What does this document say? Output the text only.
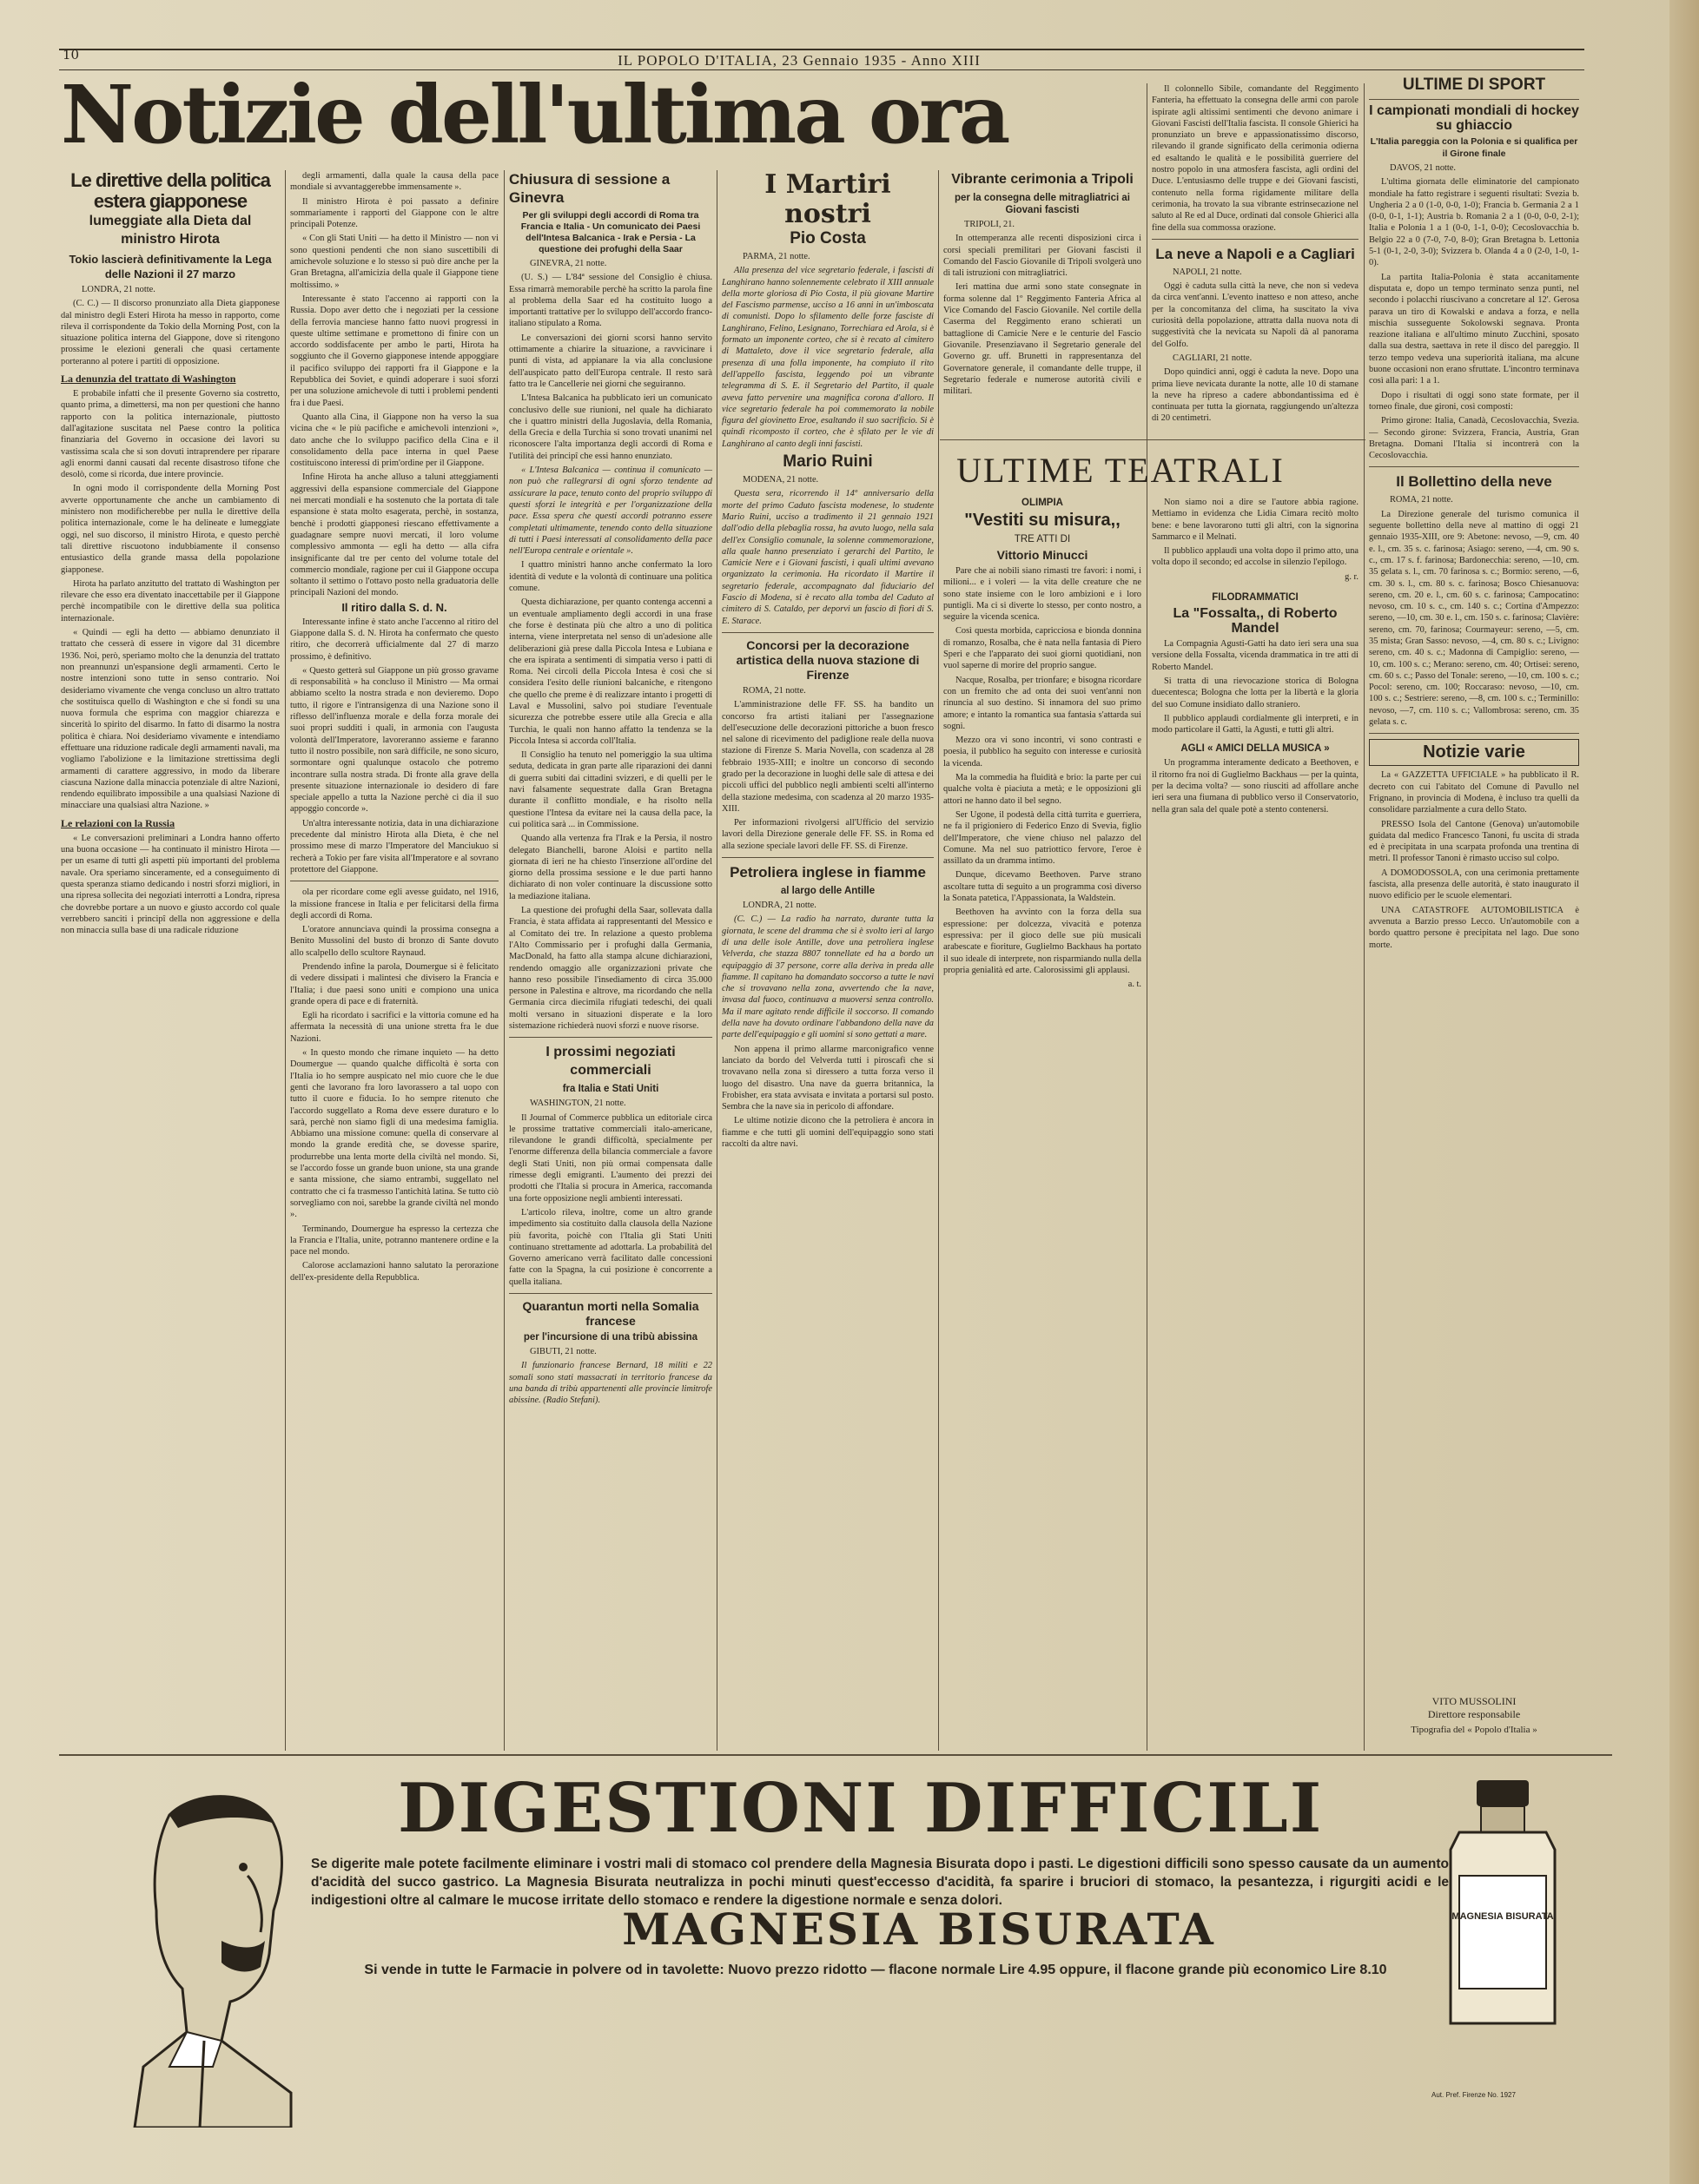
10	IL POPOLO D'ITALIA, 23 Gennaio 1935 - Anno XIII
Notizie dell'ultima ora
Le direttive della politica estera giapponese
lumeggiate alla Dieta dal ministro Hirota
Tokio lascierà definitivamente la Lega delle Nazioni il 27 marzo

LONDRA, 21 notte.

(C. C.) — Il discorso pronunziato alla Dieta giapponese dal ministro degli Esteri Hirota ha messo in rapporto, come rileva il corrispondente da Tokio della Morning Post, con la situazione politica interna del Giappone, dove si ritengono prossime le elezioni generali che quasi certamente porteranno al potere i partiti di opposizione.

La denunzia del trattato di Washington

E probabile infatti che il presente Governo sia costretto, quanto prima, a dimettersi, ma non per questioni che hanno rapporto con la politica internazionale, piuttosto dall'agitazione suscitata nel Paese contro la politica finanziaria del Governo in occasione dei lavori su vastissima scala che si son dovuti intraprendere per riparare agli enormi danni causati dal recente disastroso tifone che desolò, come si ricorda, due intere provincie.

In ogni modo il corrispondente della Morning Post avverte opportunamente che anche un cambiamento di ministero non modificherebbe per nulla le direttive della politica internazionale, come le ha delineate e lumeggiate oggi, nel suo discorso, il ministro Hirota, e questo perchè tali direttive riscuotono indubbiamente il consenso entusiastico della grande massa della popolazione giapponese.

Hirota ha parlato anzitutto del trattato di Washington per rilevare che esso era diventato inaccettabile per il Giappone perchè incompatibile con le direttive della sua politica internazionale.

« Quindi — egli ha detto — abbiamo denunziato il trattato che cesserà di essere in vigore dal 31 dicembre 1936. Noi, però, speriamo molto che la denunzia del trattato non preannunzi un'espansione degli armamenti. Certo le nostre intenzioni sono tutte in senso contrario. Noi desideriamo vivamente che venga concluso un altro trattato che sostituisca quello di Washington e che si fondi su una nuova formula che esprima con maggior chiarezza e sincerità lo spirito del disarmo. In fatto di disarmo la nostra politica è chiara. Noi desideriamo vivamente e intendiamo effettuare una riduzione radicale degli armamenti navali, ma vogliamo l'abolizione e la limitazione strettissima degli armamenti di carattere aggressivo, in modo da liberare ciascuna Nazione dalla minaccia potenziale di altre Nazioni, rendendo equilibrato impossibile a una qualsiasi Nazione di minacciare una qualsiasi altra Nazione. »

Le relazioni con la Russia

« Le conversazioni preliminari a Londra hanno offerto una buona occasione — ha continuato il ministro Hirota — per un esame di tutti gli aspetti più importanti del problema navale. Ora speriamo sinceramente, ed a conseguimento di questa speranza stiamo dedicando i nostri sforzi migliori, in una ripresa sollecita dei negoziati interrotti a Londra, ripresa che dovrebbe portare a un nuovo e giusto accordo col quale verrebbero sanciti i principî della non aggressione e della non minaccia sulla base di una radicale riduzione

degli armamenti, dalla quale la causa della pace mondiale si avvantaggerebbe immensamente ».

Il ministro Hirota è poi passato a definire sommariamente i rapporti del Giappone con le altre principali Potenze.

« Con gli Stati Uniti — ha detto il Ministro — non vi sono questioni pendenti che non siano suscettibili di amichevole soluzione e lo stesso si può dire anche per la Gran Bretagna, all'amicizia della quale il Giappone tiene moltissimo. »

Interessante è stato l'accenno ai rapporti con la Russia. Dopo aver detto che i negoziati per la cessione della ferrovia manciese hanno fatto nuovi progressi in queste ultime settimane e promettono di finire con un accordo soddisfacente per ambo le parti, Hirota ha soggiunto che il Governo giapponese intende appoggiare il pacifico sviluppo dei rapporti fra il Giappone e la Repubblica dei Soviet, e quindi adoperare i suoi sforzi per una soluzione amichevole di tutti i problemi pendenti fra i due Paesi.

Quanto alla Cina, il Giappone non ha verso la sua vicina che « le più pacifiche e amichevoli intenzioni », dato anche che lo sviluppo pacifico della Cina e il consolidamento della pace interna in quel Paese costituiscono interessi di prim'ordine per il Giappone.

Infine Hirota ha anche alluso a taluni atteggiamenti aggressivi della espansione commerciale del Giappone nei mercati mondiali e ha sostenuto che la portata di tale espansione è stata molto esagerata, perchè, in sostanza, benchè i prodotti giapponesi riescano effettivamente a guadagnare sempre nuovi mercati, il loro volume complessivo ammonta — egli ha detto — alla cifra insignificante dal tre per cento del volume totale del commercio mondiale, ragione per cui il Giappone occupa soltanto il settimo o l'ottavo posto nella graduatoria delle principali Nazioni del mondo.

Il ritiro dalla S. d. N.

Interessante infine è stato anche l'accenno al ritiro del Giappone dalla S. d. N. Hirota ha confermato che questo ritiro, che decorrerà ufficialmente dal 27 di marzo prossimo, è definitivo.

« Questo getterà sul Giappone un più grosso gravame di responsabilità » ha concluso il Ministro — Ma ormai abbiamo scelto la nostra strada e non devieremo. Dopo tutto, il rigore e l'intransigenza di una Nazione sono il riflesso dell'influenza morale e della forza morale dei suoi propri sudditi i quali, in armonia con l'augusta volontà dell'Imperatore, lavoreranno assieme e faranno tutto il nostro possibile, non sarà difficile, ne sono sicuro, sormontare ogni qualunque ostacolo che potremo incontrare sulla nostra strada. Di fronte alla grave della presente situazione internazionale io desidero di fare speciale appello a tutta la Nazione perchè ci dia il suo appoggio concorde ».

Un'altra interessante notizia, data in una dichiarazione precedente dal ministro Hirota alla Dieta, è che nel prossimo mese di marzo l'Imperatore del Manciukuo si recherà a Tokio per fare visita all'Imperatore e al sovrano protettore del Giappone.

ola per ricordare come egli avesse guidato, nel 1916, la missione francese in Italia e per felicitarsi della firma degli accordi di Roma.

L'oratore annunciava quindi la prossima consegna a Benito Mussolini del busto di bronzo di Sante dovuto allo scalpello dello scultore Raynaud.

Prendendo infine la parola, Doumergue si è felicitato di vedere dissipati i malintesi che divisero la Francia e l'Italia; i due paesi sono uniti e compiono una unica grande opera di pace e di fraternità.

Egli ha ricordato i sacrifici e la vittoria comune ed ha affermata la necessità di una unione stretta fra le due Nazioni.

« In questo mondo che rimane inquieto — ha detto Doumergue — quando qualche difficoltà è sorta con l'Italia io ho sempre auspicato nel mio cuore che le due genti che lavorano fra loro lavorassero a tal uopo con tutto il cuore e fiducia. Io ho sempre ritenuto che l'accordo suggellato a Roma deve essere duraturo e lo sarà, perchè non siamo figli di una medesima famiglia. Abbiamo una missione comune: quella di conservare al mondo la grande eredità che, se dovesse sparire, produrrebbe una lenta morte della civiltà nel mondo. Si, se l'accordo fosse un grande buon unione, sta una grande e santa missione, che siamo entrambi, suggellato nel contratto che ci fa trasmesso l'antichità latina. Se tutto ciò sorvegliamo con noi, sarebbe la grande civiltà nel mondo ».

Terminando, Doumergue ha espresso la certezza che la Francia e l'Italia, unite, potranno mantenere ordine e la pace nel mondo.

Calorose acclamazioni hanno salutato la perorazione dell'ex-presidente della Repubblica.

Chiusura di sessione a Ginevra
Per gli sviluppi degli accordi di Roma tra Francia e Italia - Un comunicato dei Paesi dell'Intesa Balcanica - Irak e Persia - La questione dei profughi della Saar

GINEVRA, 21 notte.

(U. S.) — L'84ª sessione del Consiglio è chiusa. Essa rimarrà memorabile perchè ha scritto la parola fine al problema della Saar ed ha costituito luogo a importanti trattative per lo sviluppo dell'accordo franco-italiano stipulato a Roma.

Le conversazioni dei giorni scorsi hanno servito ottimamente a chiarire la situazione, a ravvicinare i punti di vista, ad appianare la via alla conclusione dell'auspicato patto dell'Europa centrale. Il resto sarà fatto tra le Cancellerie nei giorni che seguiranno.

L'Intesa Balcanica ha pubblicato ieri un comunicato conclusivo delle sue riunioni, nel quale ha dichiarato che i quattro ministri della Jugoslavia, della Romania, della Grecia e della Turchia si sono trovati unanimi nel riconoscere l'alta importanza degli accordi di Roma e l'utilità dei principî che essi hanno enunziato.

« L'Intesa Balcanica — continua il comunicato — non può che rallegrarsi di ogni sforzo tendente ad assicurare la pace, tenuto conto del proprio sviluppo di questi sforzi le integrità e per l'organizzazione della pace. Essa spera che questi accordi potranno essere completati ultimamente, tenendo conto della situazione di tutti i Paesi interessati al consolidamento della pace nell'Europa centrale e orientale ».

I quattro ministri hanno anche confermato la loro identità di vedute e la volontà di continuare una politica comune.

Questa dichiarazione, per quanto contenga accenni a un eventuale ampliamento degli accordi in una frase che forse è destinata più che altro a uno di politica interna, viene interpretata nel senso di un'adesione alle deliberazioni già prese dalla Piccola Intesa e Lubiana e che era ispirata a sentimenti di simpatia verso i patti di Roma. Nei circoli della Piccola Intesa è così che si considera l'esito delle riunioni balcaniche, e ritengono che quello che preme è di realizzare intanto i progetti di Laval e Mussolini, salvo poi studiare l'eventuale sicurezza che potrebbe essere utile alla Grecia e alla Turchia, le quali non hanno affatto la tendenza se la Piccola Intesa si accorda coll'Italia.

Il Consiglio ha tenuto nel pomeriggio la sua ultima seduta, dedicata in gran parte alle riparazioni dei danni di guerra subiti dai cittadini svizzeri, e di quelli per le navi falsamente sequestrate dalla Gran Bretagna durante il conflitto mondiale, e ha risolto nella questione l'Intesa da evitare nei la causa della pace, la cui politica sarà ... in Commissione.

Quando alla vertenza fra l'Irak e la Persia, il nostro delegato Bianchelli, barone Aloisi e partito nella giornata di ieri ne ha chiesto l'inserzione all'ordine del giorno della prossima sessione e le due parti hanno dichiarato di non voler continuare la discussione sotto la mediazione italiana.

La questione dei profughi della Saar, sollevata dalla Francia, è stata affidata ai rappresentanti del Messico e al Comitato dei tre. In relazione a questo problema l'Alto Commissario per i profughi dalla Germania, MacDonald, ha fatto alla stampa alcune dichiarazioni, rendendo omaggio alle organizzazioni private che hanno reso possibile l'insediamento di circa 35.000 persone in Palestina e altrove, ma ricordando che nella Germania circa diecimila rifugiati tedeschi, dei quali molti versano in situazioni disperate e la loro sistemazione richiederà nuovi sforzi e nuove risorse.

I prossimi negoziati commerciali
fra Italia e Stati Uniti

WASHINGTON, 21 notte.

Il Journal of Commerce pubblica un editoriale circa le prossime trattative commerciali italo-americane, rilevandone le grandi difficoltà, specialmente per l'enorme differenza della bilancia commerciale a favore degli Stati Uniti, non più ormai compensata dalle rimesse degli emigranti. L'aumento dei prezzi dei prodotti che l'Italia si procura in America, raccomanda una forte opposizione negli ambienti interessati.

L'articolo rileva, inoltre, come un altro grande impedimento sia costituito dalla clausola della Nazione più favorita, poichè con l'Italia gli Stati Uniti continuano strettamente ad adottarla. La probabilità del Governo americano verrà facilitato dalle concessioni fatte con la Spagna, la cui posizione è concorrente a quella italiana.

Quarantun morti nella Somalia francese
per l'incursione di una tribù abissina

GIBUTI, 21 notte.

Il funzionario francese Bernard, 18 militi e 22 somali sono stati massacrati in territorio francese da una banda di tribù appartenenti alle provincie limitrofe abissine. (Radio Stefani).

I Martiri nostri
Pio Costa

PARMA, 21 notte.

Alla presenza del vice segretario federale, i fascisti di Langhirano hanno solennemente celebrato il XIII annuale della morte gloriosa di Pio Costa, il più giovane Martire del Fascismo parmense, ucciso a 16 anni in un'imboscata di comunisti. Dopo lo sfilamento delle forze fasciste di Langhirano, Felino, Lesignano, Torrechiara ed Arola, si è formato un imponente corteo, che si è recato al cimitero di Mattaleto, dove il vice segretario federale, alla presenza di una folla imponente, ha compiuto il rito dell'appello fascista, leggendo poi un vibrante telegramma di S. E. il Segretario del Partito, il quale aveva fatto pervenire una magnifica corona d'alloro. Il vice segretario federale ha poi commemorato la nobile figura del giovinetto Eroe, esaltando il suo sacrificio. Si è quindi ricomposto il corteo, che è sfilato per le vie di Langhirano al canto degli inni fascisti.

Mario Ruini

MODENA, 21 notte.

Questa sera, ricorrendo il 14º anniversario della morte del primo Caduto fascista modenese, lo studente Mario Ruini, ucciso a tradimento il 21 gennaio 1921 dall'odio della plebaglia rossa, ha avuto luogo, nella sala dell'ex Consiglio comunale, la solenne commemorazione, alla quale hanno presenziato i gerarchi del Partito, le Camicie Nere e i Giovani fascisti, i quali ultimi avevano organizzato la cerimonia. Ha ricordato il Martire il segretario federale, accompagnato dal fiduciario del Fascio di Modena, si è recato alla tomba del Caduto al cimitero di S. Cataldo, per deporvi un fascio di fiori di S. E. Starace.

Concorsi per la decorazione artistica della nuova stazione di Firenze

ROMA, 21 notte.

L'amministrazione delle FF. SS. ha bandito un concorso fra artisti italiani per l'assegnazione dell'esecuzione delle decorazioni pittoriche a buon fresco nel salone di ricevimento del padiglione reale della nuova stazione di Firenze S. Maria Novella, con scadenza al 28 febbraio 1935-XIII; e inoltre un concorso di secondo grado per la decorazione in luoghi delle sale di attesa e dei piccoli uffici del pubblico negli ambienti scelti all'interno della stazione medesima, con scadenza al 20 marzo 1935-XIII.

Per informazioni rivolgersi all'Ufficio del servizio lavori della Direzione generale delle FF. SS. in Roma ed alla sezione speciale lavori delle FF. SS. di Firenze.

Petroliera inglese in fiamme
al largo delle Antille

LONDRA, 21 notte.

(C. C.) — La radio ha narrato, durante tutta la giornata, le scene del dramma che si è svolto ieri al largo di una delle isole Antille, dove una petroliera inglese Velverda, che stazza 8807 tonnellate ed ha a bordo un equipaggio di 37 persone, corre alla deriva in preda alle fiamme. Il capitano ha domandato soccorso a tutte le navi che si trovavano nella zona, avvertendo che la nave, invasa dal fuoco, continuava a muoversi senza controllo. Ma il mare agitato rende difficile il soccorso. Il comando della nave ha dovuto ordinare l'abbandono della nave da parte dell'equipaggio e gli uomini si sono gettati a mare.

Non appena il primo allarme marconigrafico venne lanciato da bordo del Velverda tutti i piroscafi che si trovavano nella zona si diressero a tutta forza verso il luogo del disastro. Una nave da guerra britannica, la Frobisher, era stata avvisata e invitata a portarsi sul posto. Sembra che la nave sia in pericolo di affondare.

Le ultime notizie dicono che la petroliera è ancora in fiamme e che tutti gli uomini dell'equipaggio sono stati raccolti da altre navi.

Vibrante cerimonia a Tripoli
per la consegna delle mitragliatrici ai Giovani fascisti

TRIPOLI, 21.

In ottemperanza alle recenti disposizioni circa i corsi speciali premilitari per Giovani fascisti il Comando del Fascio Giovanile di Tripoli svolgerà uno di tali istruzioni con mitragliatrici.

Ieri mattina due armi sono state consegnate in forma solenne dal 1º Reggimento Fanteria Africa al Vice Comando del Fascio Giovanile. Nel cortile della Caserma del Reggimento erano schierati un battaglione di Camicie Nere e le centurie del Fascio Giovanile. Presenziavano il Segretario generale del Governo gr. uff. Brunetti in rappresentanza del Governatore generale, il comandante delle truppe, il Segretario federale e numerose autorità civili e militari.

Il colonnello Sibile, comandante del Reggimento Fanteria, ha effettuato la consegna delle armi con parole ispirate agli altissimi sentimenti che devono animare i Giovani Fascisti dell'Italia fascista. Il console Ghierici ha pronunziato un breve e appassionatissimo discorso, rilevando il grande significato della cerimonia odierna ed esaltando le qualità e le possibilità guerriere del nostro popolo in una atmosfera fascista, agli ordini del Duce. L'entusiasmo delle truppe e dei Giovani fascisti, contenuto nella forma rigidamente militare della cerimonia, ha trovato la sua vibrante estrinsecazione nel saluto al Re ed al Duce, ordinati dal console Ghierici alla fine della sua commossa orazione.

La neve a Napoli e a Cagliari

NAPOLI, 21 notte.

Oggi è caduta sulla città la neve, che non si vedeva da circa vent'anni. L'evento inatteso e non atteso, anche per la concomitanza del clima, ha suscitato la viva curiosità della popolazione, attratta dalla nuova nota di suggestività che la nevicata su Napoli dà al panorama del Golfo.

CAGLIARI, 21 notte.

Dopo quindici anni, oggi è caduta la neve. Dopo una prima lieve nevicata durante la notte, alle 10 di stamane la neve ha ripreso a cadere abbondantissima ed è continuata per tutta la giornata, raggiungendo un'altezza di 20 centimetri.

ULTIME TEATRALI
OLIMPIA
"Vestiti su misura,,
TRE ATTI DI
Vittorio Minucci

Pare che ai nobili siano rimasti tre favori: i nomi, i milioni... e i voleri — la vita delle creature che ne sono state insieme con le loro ambizioni e i loro puntigli. Ma ci si diverte lo stesso, per conto nostro, a seguire la vicenda scenica.

Così questa morbida, capricciosa e bionda donnina di romanzo, Rosalba, che è nata nella fantasia di Piero Speri e che l'apparato dei suoi giorni quotidiani, non vuol saperne di morire del proprio sangue.

Nacque, Rosalba, per trionfare; e bisogna ricordare con un fremito che ad onta dei suoi vent'anni non rinuncia al suo destino. Si innamora del suo primo amore; e intanto la romantica sua fantasia s'attarda sui sogni.

Mezzo ora vi sono incontri, vi sono contrasti e poesia, il pubblico ha seguito con interesse e curiosità la vicenda.

Ma la commedia ha fluidità e brio: la parte per cui qualche volta è piaciuta a metà; e le opposizioni gli attori ne hanno dato il bel segno.

Ser Ugone, il podestà della città turrita e guerriera, ne fa il prigioniero di Federico Enzo di Svevia, figlio dell'Imperatore, che viene chiuso nel palazzo del Comune. Ma nel suo patriottico fervore, l'eroe è assillato da un dramma intimo.

Dunque, dicevamo Beethoven. Parve strano ascoltare tutta di seguito a un programma così diverso la Sonata patetica, l'Appassionata, la Waldstein.

Beethoven ha avvinto con la forza della sua espressione: per dolcezza, vivacità e potenza espressiva: per il gioco delle sue più musicali arabescate e fioriture, Guglielmo Backhaus ha portato il suo ideale di interprete, non risparmiando nulla della propria genialità ed arte. Calorosissimi gli applausi.

a. t.

Non siamo noi a dire se l'autore abbia ragione. Mettiamo in evidenza che Lidia Cimara recitò molto bene: e bene lavorarono tutti gli altri, con la signorina Sammarco e il Melnati.

Il pubblico applaudì una volta dopo il primo atto, una volta dopo il secondo; ed accolse in silenzio l'epilogo.

g. r.

FILODRAMMATICI
La "Fossalta,, di Roberto Mandel

La Compagnia Agusti-Gatti ha dato ieri sera una sua versione della Fossalta, vicenda drammatica in tre atti di Roberto Mandel.

Si tratta di una rievocazione storica di Bologna duecentesca; Bologna che lotta per la libertà e la gloria del suo Comune insidiato dallo straniero.

Il pubblico applaudì cordialmente gli interpreti, e in modo particolare il Gatti, la Agusti, e tutti gli altri.

AGLI « AMICI DELLA MUSICA »

Un programma interamente dedicato a Beethoven, e il ritorno fra noi di Guglielmo Backhaus — per la quinta, per la decima volta? — sono riusciti ad affollare anche ieri sera una fiumana di pubblico verso il Conservatorio, nella gran sala del quale potè a stento contenersi.

ULTIME DI SPORT
I campionati mondiali di hockey su ghiaccio
L'Italia pareggia con la Polonia e si qualifica per il Girone finale

DAVOS, 21 notte.

L'ultima giornata delle eliminatorie del campionato mondiale ha fatto registrare i seguenti risultati: Svezia b. Ungheria 2 a 0 (1-0, 0-0, 1-0); Francia b. Germania 2 a 1 (0-0, 0-1, 1-1); Austria b. Romania 2 a 1 (0-0, 0-0, 2-1); Italia e Polonia 1 a 1 (0-0, 1-1, 0-0); Cecoslovacchia b. Belgio 22 a 0 (7-0, 7-0, 8-0); Gran Bretagna b. Lettonia 5-1 (0-1, 2-0, 3-0); Svizzera b. Olanda 4 a 0 (2-0, 1-0, 1-0).

La partita Italia-Polonia è stata accanitamente disputata e, dopo un tempo terminato senza punti, nel secondo i polacchi riuscivano a concretare al 12'. Gerosa parava un tiro di Kowalski e andava a forza, e nella mischia susseguente Sokolowski segnava. Pronta reazione italiana e all'ultimo minuto Zucchini, sposato dalla sua destra, saettava in rete il disco del pareggio. Il terzo tempo vedeva una superiorità italiana, ma alcune buone occasioni non erano sfruttate. L'incontro terminava così alla pari: 1 a 1.

Dopo i risultati di oggi sono state formate, per il torneo finale, due gironi, così composti:

Primo girone: Italia, Canadà, Cecoslovacchia, Svezia. — Secondo girone: Svizzera, Francia, Austria, Gran Bretagna. Domani l'Italia si incontrerà con la Cecoslovacchia.

Il Bollettino della neve

ROMA, 21 notte.

La Direzione generale del turismo comunica il seguente bollettino della neve al mattino di oggi 21 gennaio 1935-XIII, ore 9: Abetone: nevoso, —9, cm. 40 e. l., cm. 35 s. c. farinosa; Asiago: sereno, —4, cm. 90 s. c., cm. 17 s. f. farinosa; Bardonecchia: sereno, —10, cm. 35 gelata s. l., cm. 70 farinosa s. c.; Bormio: sereno, —6, cm. 30 s. l., cm. 80 s. c. farinosa; Bosco Chiesanuova: sereno, cm. 20 e. l., cm. 60 s. c. farinosa; Campocatino: nevoso, cm. 10 s. c., cm. 140 s. c.; Cortina d'Ampezzo: sereno, —10, cm. 30 e. l., cm. 150 s. c. farinosa; Clavière: sereno, cm. 70, farinosa; Courmayeur: sereno, —5, cm. 35 mista; Gran Sasso: nevoso, —4, cm. 80 s. c.; Livigno: sereno, cm. 40 s. c.; Madonna di Campiglio: sereno, —10, cm. 100 s. c.; Merano: sereno, cm. 40; Ortisei: sereno, cm. 60 s. c.; Passo del Tonale: sereno, —10, cm. 100 s. c.; Pocol: sereno, cm. 100; Roccaraso: nevoso, —10, cm. 100 s. c.; Sestriere: sereno, —8, cm. 100 s. c.; Terminillo: nevoso, —7, cm. 110 s. c.; Vallombrosa: sereno, cm. 35 gelata s. c.

Notizie varie

La « GAZZETTA UFFICIALE » ha pubblicato il R. decreto con cui l'abitato del Comune di Pavullo nel Frignano, in provincia di Modena, è incluso tra quelli da consolidare parzialmente a cura dello Stato.

PRESSO Isola del Cantone (Genova) un'automobile guidata dal medico Francesco Tanoni, fu uscita di strada ed è precipitata in una scarpata profonda una trentina di metri. Il professor Tanoni è rimasto ucciso sul colpo.

A DOMODOSSOLA, con una cerimonia prettamente fascista, alla presenza delle autorità, è stato inaugurato il nuovo edificio per le scuole elementari.

UNA CATASTROFE AUTOMOBILISTICA è avvenuta a Barzio presso Lecco. Un'automobile con a bordo quattro persone è precipitata nel lago. Due sono morte.

VITO MUSSOLINI
Direttore responsabile
Tipografia del « Popolo d'Italia »
DIGESTIONI DIFFICILI
Se digerite male potete facilmente eliminare i vostri mali di stomaco col prendere della Magnesia Bisurata dopo i pasti. Le digestioni difficili sono spesso causate da un aumento d'acidità del succo gastrico. La Magnesia Bisurata neutralizza in pochi minuti quest'eccesso d'acidità, fa sparire i bruciori di stomaco, la pesantezza, i rigurgiti acidi e le indigestioni oltre al calmare le mucose irritate dello stomaco e rendere la digestione normale e senza dolori.
MAGNESIA BISURATA
Si vende in tutte le Farmacie in polvere od in tavolette: Nuovo prezzo ridotto — flacone normale Lire 4.95 oppure, il flacone grande più economico Lire 8.10
Aut. Pref. Firenze No. 1927
MAGNESIA BISURATA
